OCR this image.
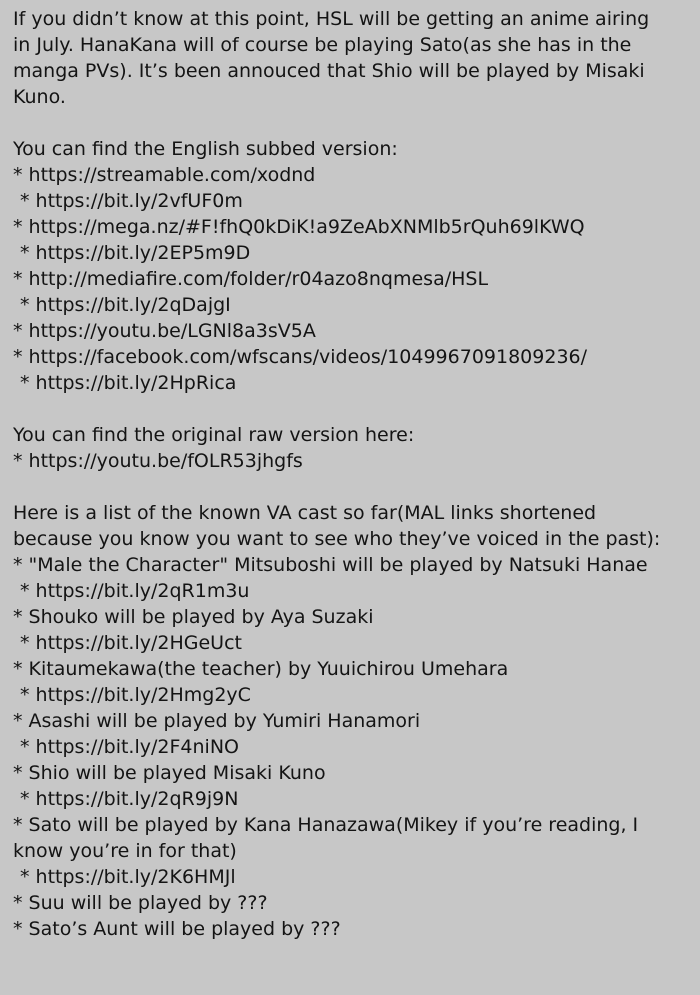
If you didn’t know at this point, HSL will be getting an anime airing
in July. HanaKana will of course be playing Sato(as she has in the
manga PVs). It’s been annouced that Shio will be played by Misaki
Kuno.
You can find the English subbed version:
* https://streamable.com/xodnd
* https://bit.ly/2vfUF0m
* https://mega.nz/#F!fhQ0kDiK!a9ZeAbXNMlb5rQuh69lKWQ
* https://bit.ly/2EP5m9D
* http://mediafire.com/folder/r04azo8nqmesa/HSL
* https://bit.ly/2qDajgI
* https://youtu.be/LGNl8a3sV5A
* https://facebook.com/wfscans/videos/1049967091809236/
* https://bit.ly/2HpRica
You can find the original raw version here:
* https://youtu.be/fOLR53jhgfs
Here is a list of the known VA cast so far(MAL links shortened
because you know you want to see who they’ve voiced in the past):
* "Male the Character" Mitsuboshi will be played by Natsuki Hanae
* https://bit.ly/2qR1m3u
* Shouko will be played by Aya Suzaki
* https://bit.ly/2HGeUct
* Kitaumekawa(the teacher) by Yuuichirou Umehara
* https://bit.ly/2Hmg2yC
* Asashi will be played by Yumiri Hanamori
* https://bit.ly/2F4niNO
* Shio will be played Misaki Kuno
* https://bit.ly/2qR9j9N
* Sato will be played by Kana Hanazawa(Mikey if you’re reading, I
know you’re in for that)
* https://bit.ly/2K6HMJl
* Suu will be played by ???
* Sato’s Aunt will be played by ???
